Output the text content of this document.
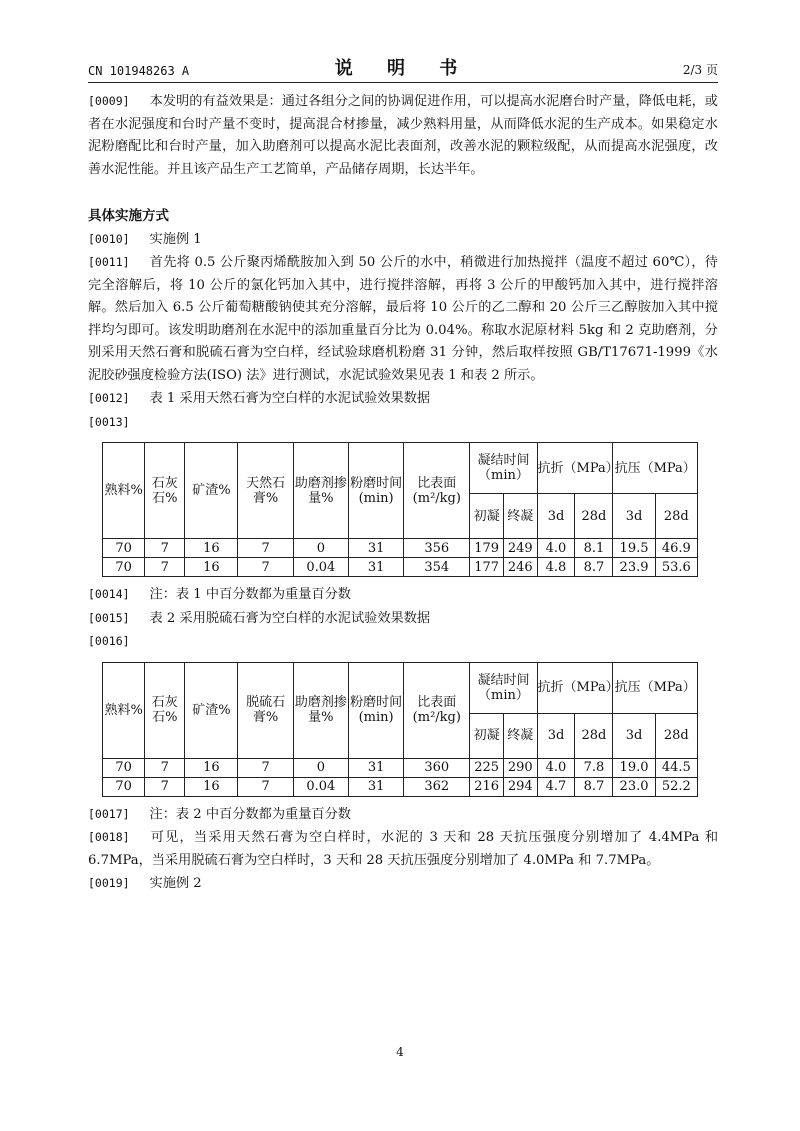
CN 101948263 A	说 明 书	2/3 页

[0009] 本发明的有益效果是：通过各组分之间的协调促进作用，可以提高水泥磨台时产量，降低电耗，或者在水泥强度和台时产量不变时，提高混合材掺量，减少熟料用量，从而降低水泥的生产成本。如果稳定水泥粉磨配比和台时产量，加入助磨剂可以提高水泥比表面剂，改善水泥的颗粒级配，从而提高水泥强度，改善水泥性能。并且该产品生产工艺简单，产品储存周期，长达半年。

具体实施方式

[0010] 实施例 1

[0011] 首先将 0.5 公斤聚丙烯酰胺加入到 50 公斤的水中，稍微进行加热搅拌（温度不超过 60℃），待完全溶解后，将 10 公斤的氯化钙加入其中，进行搅拌溶解，再将 3 公斤的甲酸钙加入其中，进行搅拌溶解。然后加入 6.5 公斤葡萄糖酸钠使其充分溶解，最后将 10 公斤的乙二醇和 20 公斤三乙醇胺加入其中搅拌均匀即可。该发明助磨剂在水泥中的添加重量百分比为 0.04%。称取水泥原材料 5kg 和 2 克助磨剂，分别采用天然石膏和脱硫石膏为空白样，经试验球磨机粉磨 31 分钟，然后取样按照 GB/T17671-1999《水泥胶砂强度检验方法(ISO) 法》进行测试，水泥试验效果见表 1 和表 2 所示。

[0012] 表 1 采用天然石膏为空白样的水泥试验效果数据

[0013]

熟料%	石灰石%	矿渣%	天然石膏%	助磨剂掺量%	粉磨时间(min)	比表面(m²/kg)	凝结时间（min）		抗折（MPa）		抗压（MPa）	
							初凝	终凝	3d	28d	3d	28d
70	7	16	7	0	31	356	179	249	4.0	8.1	19.5	46.9
70	7	16	7	0.04	31	354	177	246	4.8	8.7	23.9	53.6

[0014] 注：表 1 中百分数都为重量百分数

[0015] 表 2 采用脱硫石膏为空白样的水泥试验效果数据

[0016]

熟料%	石灰石%	矿渣%	脱硫石膏%	助磨剂掺量%	粉磨时间(min)	比表面(m²/kg)	凝结时间（min）		抗折（MPa）		抗压（MPa）	
							初凝	终凝	3d	28d	3d	28d
70	7	16	7	0	31	360	225	290	4.0	7.8	19.0	44.5
70	7	16	7	0.04	31	362	216	294	4.7	8.7	23.0	52.2

[0017] 注：表 2 中百分数都为重量百分数

[0018] 可见，当采用天然石膏为空白样时，水泥的 3 天和 28 天抗压强度分别增加了 4.4MPa 和 6.7MPa，当采用脱硫石膏为空白样时，3 天和 28 天抗压强度分别增加了 4.0MPa 和 7.7MPa。

[0019] 实施例 2

4
